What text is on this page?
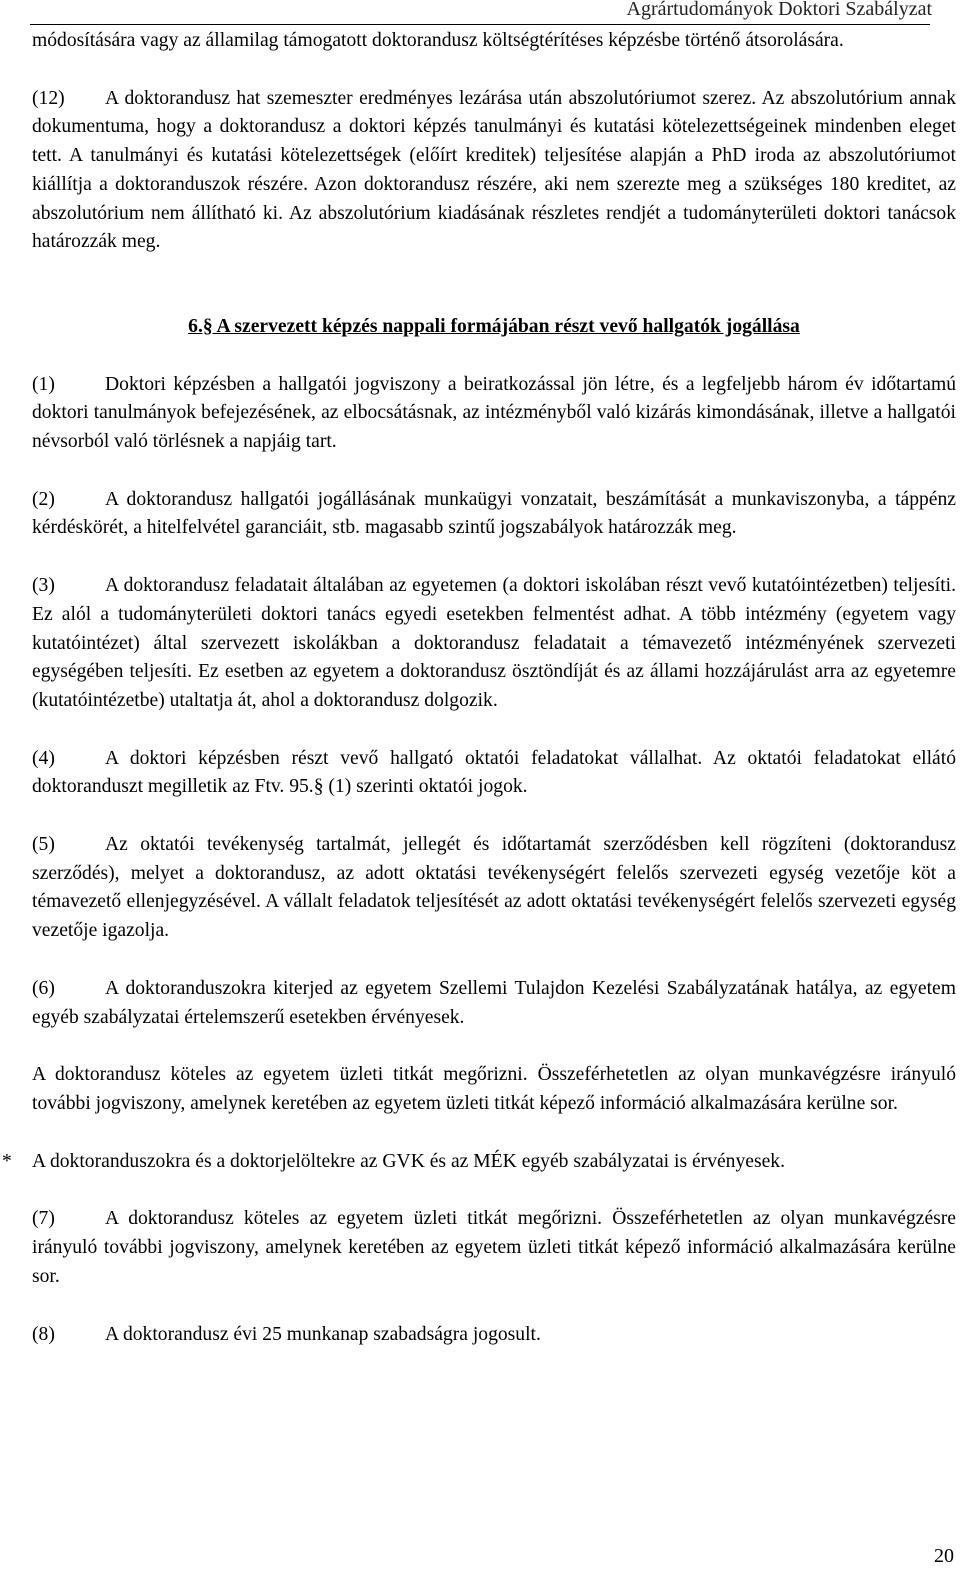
Agrártudományok Doktori Szabályzat

módosítására vagy az államilag támogatott doktorandusz költségtérítéses képzésbe történő átsorolására.

(12) A doktorandusz hat szemeszter eredményes lezárása után abszolutóriumot szerez. Az abszolutórium annak dokumentuma, hogy a doktorandusz a doktori képzés tanulmányi és kutatási kötelezettségeinek mindenben eleget tett. A tanulmányi és kutatási kötelezettségek (előírt kreditek) teljesítése alapján a PhD iroda az abszolutóriumot kiállítja a doktoranduszok részére. Azon doktorandusz részére, aki nem szerezte meg a szükséges 180 kreditet, az abszolutórium nem állítható ki. Az abszolutórium kiadásának részletes rendjét a tudományterületi doktori tanácsok határozzák meg.

6.§ A szervezett képzés nappali formájában részt vevő hallgatók jogállása

(1)	Doktori képzésben a hallgatói jogviszony a beiratkozással jön létre, és a legfeljebb három év időtartamú doktori tanulmányok befejezésének, az elbocsátásnak, az intézményből való kizárás kimondásának, illetve a hallgatói névsorból való törlésnek a napjáig tart.

(2)	A doktorandusz hallgatói jogállásának munkaügyi vonzatait, beszámítását a munkaviszonyba, a táppénz kérdéskörét, a hitelfelvétel garanciáit, stb. magasabb szintű jogszabályok határozzák meg.

(3)	A doktorandusz feladatait általában az egyetemen (a doktori iskolában részt vevő kutatóintézetben) teljesíti. Ez alól a tudományterületi doktori tanács egyedi esetekben felmentést adhat. A több intézmény (egyetem vagy kutatóintézet) által szervezett iskolákban a doktorandusz feladatait a témavezető intézményének szervezeti egységében teljesíti. Ez esetben az egyetem a doktorandusz ösztöndíját és az állami hozzájárulást arra az egyetemre (kutatóintézetbe) utaltatja át, ahol a doktorandusz dolgozik.

(4)	A doktori képzésben részt vevő hallgató oktatói feladatokat vállalhat. Az oktatói feladatokat ellátó doktoranduszt megilletik az Ftv. 95.§ (1) szerinti oktatói jogok.

(5)	Az oktatói tevékenység tartalmát, jellegét és időtartamát szerződésben kell rögzíteni (doktorandusz szerződés), melyet a doktorandusz, az adott oktatási tevékenységért felelős szervezeti egység vezetője köt a témavezető ellenjegyzésével. A vállalt feladatok teljesítését az adott oktatási tevékenységért felelős szervezeti egység vezetője igazolja.

(6)	A doktoranduszokra kiterjed az egyetem Szellemi Tulajdon Kezelési Szabályzatának hatálya, az egyetem egyéb szabályzatai értelemszerű esetekben érvényesek.

A doktorandusz köteles az egyetem üzleti titkát megőrizni. Összeférhetetlen az olyan munkavégzésre irányuló további jogviszony, amelynek keretében az egyetem üzleti titkát képező információ alkalmazására kerülne sor.

* A doktoranduszokra és a doktorjelöltekre az GVK és az MÉK egyéb szabályzatai is érvényesek.

(7)	A doktorandusz köteles az egyetem üzleti titkát megőrizni. Összeférhetetlen az olyan munkavégzésre irányuló további jogviszony, amelynek keretében az egyetem üzleti titkát képező információ alkalmazására kerülne sor.

(8)	A doktorandusz évi 25 munkanap szabadságra jogosult.

20
